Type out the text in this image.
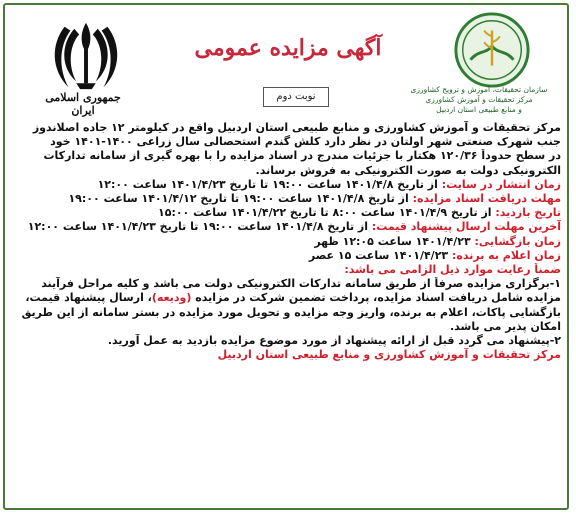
جمهوری اسلامی ایران
آگهی مزایده عمومی
نوبت دوم
سازمان تحقیقات، آموزش و ترویج کشاورزی
مرکز تحقیقات و آموزش کشاورزی
و منابع طبیعی استان اردبیل
مرکز تحقیقات و آموزش کشاورزی و منابع طبیعی استان اردبیل واقع در کیلومتر ۱۲ جاده اصلاندوز
جنب شهرک صنعتی شهر اولتان در نظر دارد کلش گندم استحصالی سال زراعی ۱۴۰۰-۱۴۰۱ خود
در سطح حدوداً ۱۲۰/۳۶ هکتار با جزئیات مندرج در اسناد مزایده را با بهره گیری از سامانه تدارکات
الکترونیکی دولت به صورت الکترونیکی به فروش برساند.
زمان انتشار در سایت: از تاریخ ۱۴۰۱/۴/۸ ساعت ۱۹:۰۰ تا تاریخ ۱۴۰۱/۴/۲۳ ساعت ۱۲:۰۰
مهلت دریافت اسناد مزایده: از تاریخ ۱۴۰۱/۴/۸ ساعت ۱۹:۰۰ تا تاریخ ۱۴۰۱/۴/۱۲ ساعت ۱۹:۰۰
تاریخ بازدید: از تاریخ ۱۴۰۱/۴/۹ ساعت ۸:۰۰ تا تاریخ ۱۴۰۱/۴/۲۲ ساعت ۱۵:۰۰
آخرین مهلت ارسال پیشنهاد قیمت: از تاریخ ۱۴۰۱/۴/۸ ساعت ۱۹:۰۰ تا تاریخ ۱۴۰۱/۴/۲۳ ساعت ۱۲:۰۰
زمان بازگشایی: ۱۴۰۱/۴/۲۳ ساعت ۱۲:۰۵ ظهر
زمان اعلام به برنده: ۱۴۰۱/۴/۲۳ ساعت ۱۵ عصر
ضمناً رعایت موارد ذیل الزامی می باشد:
۱-برگزاری مزایده صرفاً از طریق سامانه تدارکات الکترونیکی دولت می باشد و کلیه مراحل فرآیند
مزایده شامل دریافت اسناد مزایده، پرداخت تضمین شرکت در مزایده (ودیعه)، ارسال پیشنهاد قیمت،
بازگشایی پاکات، اعلام به برنده، واریز وجه مزایده و تحویل مورد مزایده در بستر سامانه از این طریق
امکان پذیر می باشد.
۲-پیشنهاد می گردد قبل از ارائه پیشنهاد از مورد موضوع مزایده بازدید به عمل آورید.
مرکز تحقیقات و آموزش کشاورزی و منابع طبیعی استان اردبیل
